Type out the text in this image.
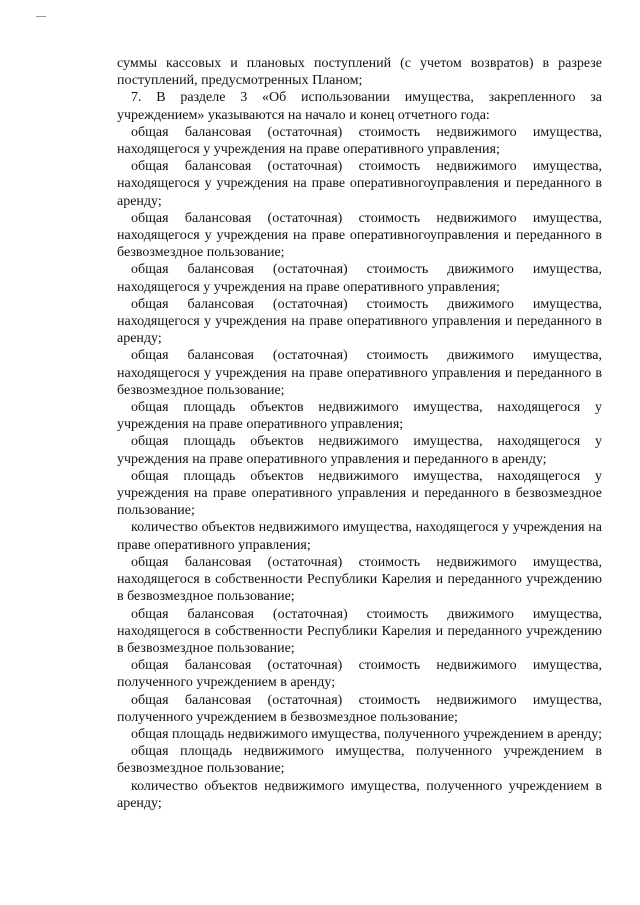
суммы кассовых и плановых поступлений (с учетом возвратов) в разрезе поступлений, предусмотренных Планом;

7. В разделе 3 «Об использовании имущества, закрепленного за учреждением» указываются на начало и конец отчетного года:

общая балансовая (остаточная) стоимость недвижимого имущества, находящегося у учреждения на праве оперативного управления;

общая балансовая (остаточная) стоимость недвижимого имущества, находящегося у учреждения на праве оперативногоуправления и переданного в аренду;

общая балансовая (остаточная) стоимость недвижимого имущества, находящегося у учреждения на праве оперативногоуправления и переданного в безвозмездное пользование;

общая балансовая (остаточная) стоимость движимого имущества, находящегося у учреждения на праве оперативного управления;

общая балансовая (остаточная) стоимость движимого имущества, находящегося у учреждения на праве оперативного управления и переданного в аренду;

общая балансовая (остаточная) стоимость движимого имущества, находящегося у учреждения на праве оперативного управления и переданного в безвозмездное пользование;

общая площадь объектов недвижимого имущества, находящегося у учреждения на праве оперативного управления;

общая площадь объектов недвижимого имущества, находящегося у учреждения на праве оперативного управления и переданного в аренду;

общая площадь объектов недвижимого имущества, находящегося у учреждения на праве оперативного управления и переданного в безвозмездное пользование;

количество объектов недвижимого имущества, находящегося у учреждения на праве оперативного управления;

общая балансовая (остаточная) стоимость недвижимого имущества, находящегося в собственности Республики Карелия и переданного учреждению в безвозмездное пользование;

общая балансовая (остаточная) стоимость движимого имущества, находящегося в собственности Республики Карелия и переданного учреждению в безвозмездное пользование;

общая балансовая (остаточная) стоимость недвижимого имущества, полученного учреждением в аренду;

общая балансовая (остаточная) стоимость недвижимого имущества, полученного учреждением в безвозмездное пользование;

общая площадь недвижимого имущества, полученного учреждением в аренду;

общая площадь недвижимого имущества, полученного учреждением в безвозмездное пользование;

количество объектов недвижимого имущества, полученного учреждением в аренду;
